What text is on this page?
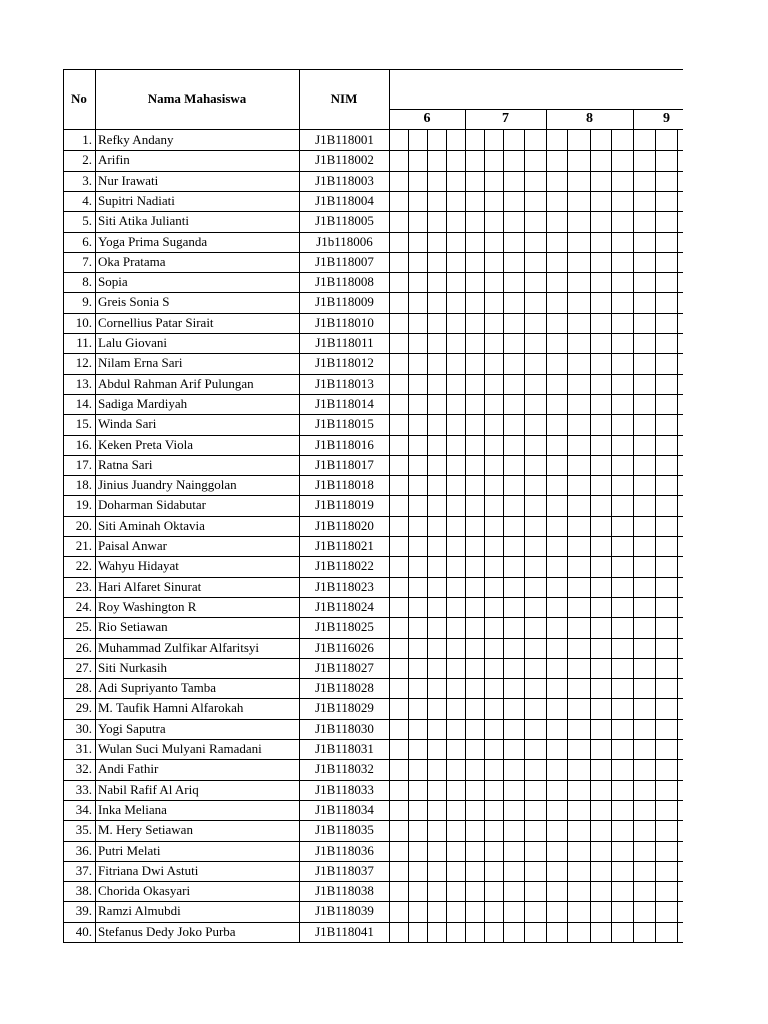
No	Nama Mahasiswa	NIM
6	7	8	9
1. Refky Andany	J1B118001
2. Arifin	J1B118002
3. Nur Irawati	J1B118003
4. Supitri Nadiati	J1B118004
5. Siti Atika Julianti	J1B118005
6. Yoga Prima Suganda	J1b118006
7. Oka Pratama	J1B118007
8. Sopia	J1B118008
9. Greis Sonia S	J1B118009
10. Cornellius Patar Sirait	J1B118010
11. Lalu Giovani	J1B118011
12. Nilam Erna Sari	J1B118012
13. Abdul Rahman Arif Pulungan	J1B118013
14. Sadiga Mardiyah	J1B118014
15. Winda Sari	J1B118015
16. Keken Preta Viola	J1B118016
17. Ratna Sari	J1B118017
18. Jinius Juandry Nainggolan	J1B118018
19. Doharman Sidabutar	J1B118019
20. Siti Aminah Oktavia	J1B118020
21. Paisal Anwar	J1B118021
22. Wahyu Hidayat	J1B118022
23. Hari Alfaret Sinurat	J1B118023
24. Roy Washington R	J1B118024
25. Rio Setiawan	J1B118025
26. Muhammad Zulfikar Alfaritsyi	J1B116026
27. Siti Nurkasih	J1B118027
28. Adi Supriyanto Tamba	J1B118028
29. M. Taufik Hamni Alfarokah	J1B118029
30. Yogi Saputra	J1B118030
31. Wulan Suci Mulyani Ramadani	J1B118031
32. Andi Fathir	J1B118032
33. Nabil Rafif Al Ariq	J1B118033
34. Inka Meliana	J1B118034
35. M. Hery Setiawan	J1B118035
36. Putri Melati	J1B118036
37. Fitriana Dwi Astuti	J1B118037
38. Chorida Okasyari	J1B118038
39. Ramzi Almubdi	J1B118039
40. Stefanus Dedy Joko Purba	J1B118041
